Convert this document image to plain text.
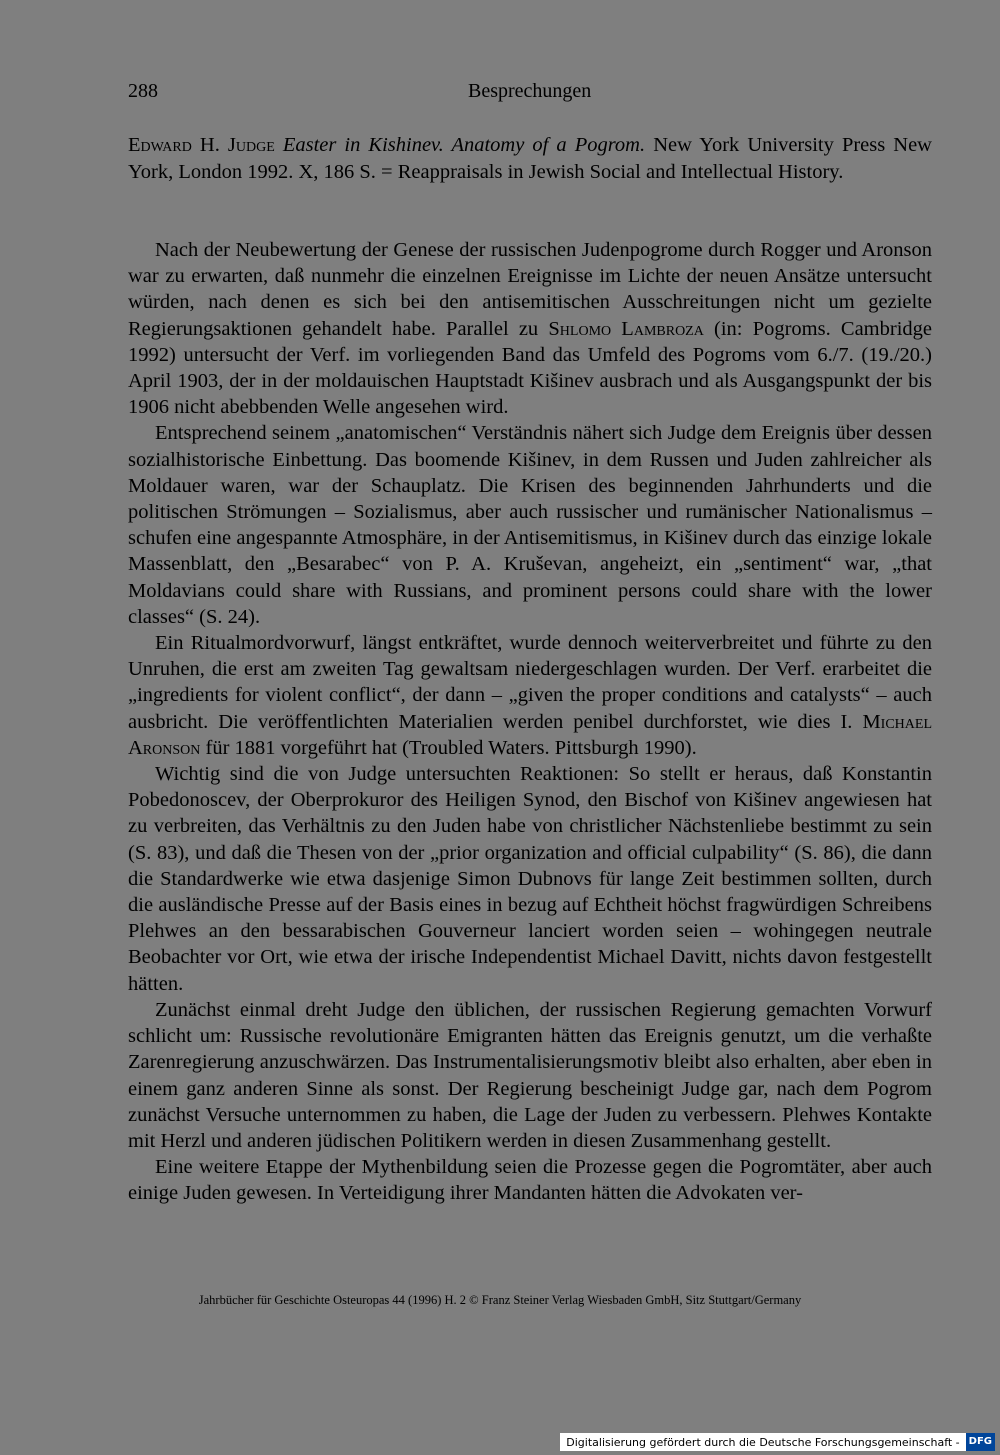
288	Besprechungen
Edward H. Judge Easter in Kishinev. Anatomy of a Pogrom. New York University Press New York, London 1992. X, 186 S. = Reappraisals in Jewish Social and Intellectual History.

Nach der Neubewertung der Genese der russischen Judenpogrome durch Rogger und Aronson war zu erwarten, daß nunmehr die einzelnen Ereignisse im Lichte der neuen Ansätze untersucht würden, nach denen es sich bei den antisemitischen Ausschreitungen nicht um gezielte Regierungsaktionen gehandelt habe. Parallel zu Shlomo Lambroza (in: Pogroms. Cambridge 1992) untersucht der Verf. im vorliegenden Band das Umfeld des Pogroms vom 6./7. (19./20.) April 1903, der in der moldauischen Hauptstadt Kišinev ausbrach und als Ausgangspunkt der bis 1906 nicht abebbenden Welle angesehen wird.

Entsprechend seinem „anatomischen“ Verständnis nähert sich Judge dem Ereignis über dessen sozialhistorische Einbettung. Das boomende Kišinev, in dem Russen und Juden zahlreicher als Moldauer waren, war der Schauplatz. Die Krisen des beginnenden Jahrhunderts und die politischen Strömungen – Sozialismus, aber auch russischer und rumänischer Nationalismus – schufen eine angespannte Atmosphäre, in der Antisemitismus, in Kišinev durch das einzige lokale Massenblatt, den „Besarabec“ von P. A. Kruševan, angeheizt, ein „sentiment“ war, „that Moldavians could share with Russians, and prominent persons could share with the lower classes“ (S. 24).

Ein Ritualmordvorwurf, längst entkräftet, wurde dennoch weiterverbreitet und führte zu den Unruhen, die erst am zweiten Tag gewaltsam niedergeschlagen wurden. Der Verf. erarbeitet die „ingredients for violent conflict“, der dann – „given the proper conditions and catalysts“ – auch ausbricht. Die veröffentlichten Materialien werden penibel durchforstet, wie dies I. Michael Aronson für 1881 vorgeführt hat (Troubled Waters. Pittsburgh 1990).

Wichtig sind die von Judge untersuchten Reaktionen: So stellt er heraus, daß Konstantin Pobedonoscev, der Oberprokuror des Heiligen Synod, den Bischof von Kišinev angewiesen hat zu verbreiten, das Verhältnis zu den Juden habe von christlicher Nächstenliebe bestimmt zu sein (S. 83), und daß die Thesen von der „prior organization and official culpability“ (S. 86), die dann die Standardwerke wie etwa dasjenige Simon Dubnovs für lange Zeit bestimmen sollten, durch die ausländische Presse auf der Basis eines in bezug auf Echtheit höchst fragwürdigen Schreibens Plehwes an den bessarabischen Gouverneur lanciert worden seien – wohingegen neutrale Beobachter vor Ort, wie etwa der irische Independentist Michael Davitt, nichts davon festgestellt hätten.

Zunächst einmal dreht Judge den üblichen, der russischen Regierung gemachten Vorwurf schlicht um: Russische revolutionäre Emigranten hätten das Ereignis genutzt, um die verhaßte Zarenregierung anzuschwärzen. Das Instrumentalisierungsmotiv bleibt also erhalten, aber eben in einem ganz anderen Sinne als sonst. Der Regierung bescheinigt Judge gar, nach dem Pogrom zunächst Versuche unternommen zu haben, die Lage der Juden zu verbessern. Plehwes Kontakte mit Herzl und anderen jüdischen Politikern werden in diesen Zusammenhang gestellt.

Eine weitere Etappe der Mythenbildung seien die Prozesse gegen die Pogromtäter, aber auch einige Juden gewesen. In Verteidigung ihrer Mandanten hätten die Advokaten ver-

Jahrbücher für Geschichte Osteuropas 44 (1996) H. 2 © Franz Steiner Verlag Wiesbaden GmbH, Sitz Stuttgart/Germany
Digitalisierung gefördert durch die Deutsche Forschungsgemeinschaft - DFG
